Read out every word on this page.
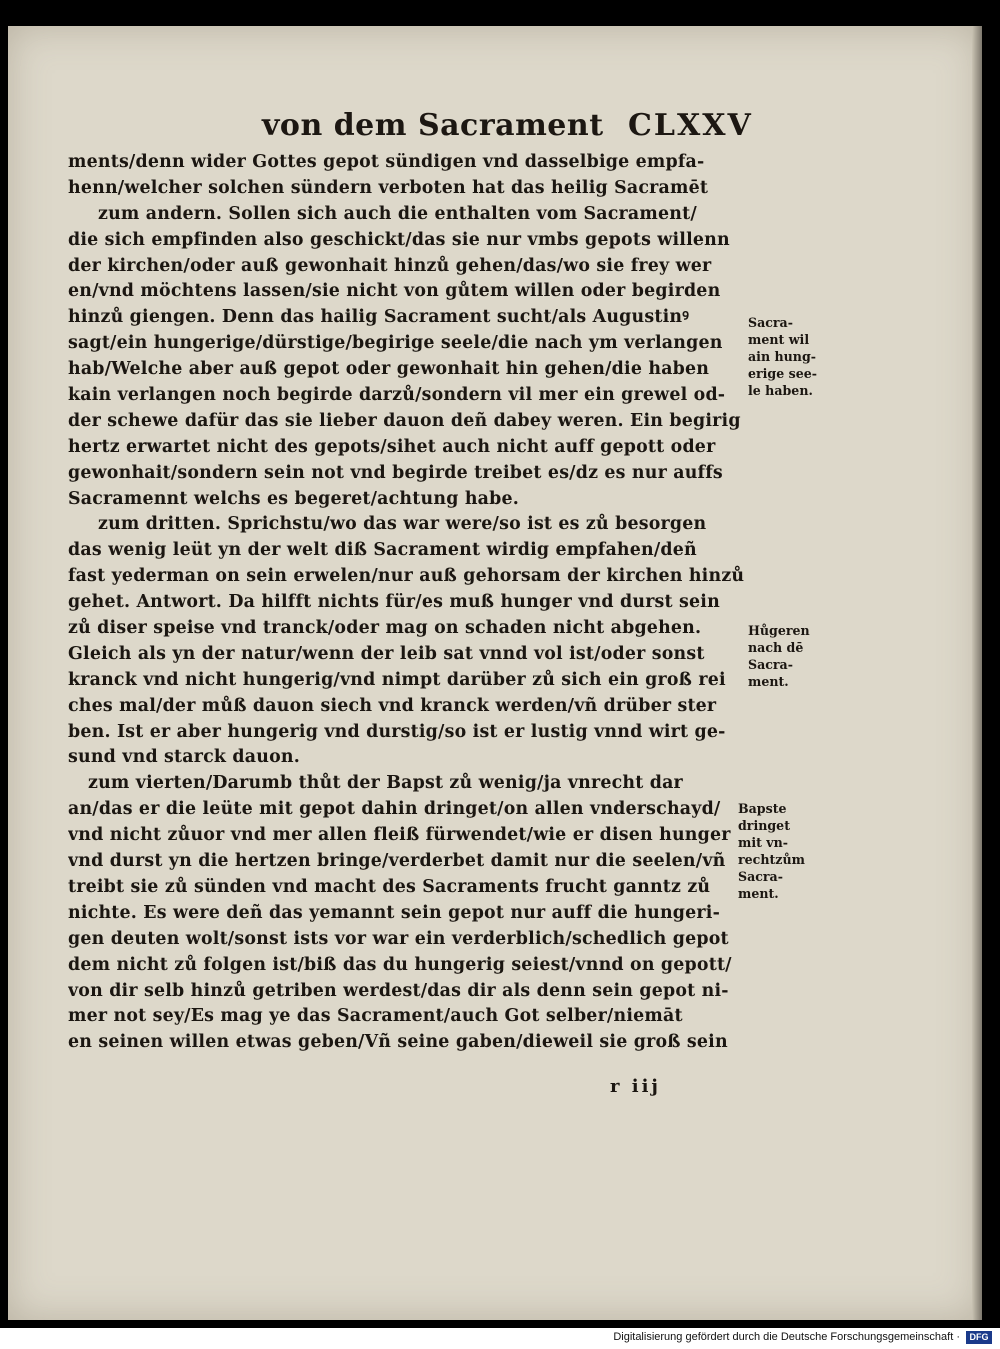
von dem Sacrament CLXXV
ments/denn wider Gottes gepot sündigen vnd dasselbige empfa-
henn/welcher solchen sündern verboten hat das heilig Sacramēt
zum andern. Sollen sich auch die enthalten vom Sacrament/
die sich empfinden also geschickt/das sie nur vmbs gepots willenn
der kirchen/oder auß gewonhait hinzů gehen/das/wo sie frey wer
en/vnd möchtens lassen/sie nicht von gůtem willen oder begirden
hinzů giengen. Denn das hailig Sacrament sucht/als Augustinꝰ
sagt/ein hungerige/dürstige/begirige seele/die nach ym verlangen
hab/Welche aber auß gepot oder gewonhait hin gehen/die haben
kain verlangen noch begirde darzů/sondern vil mer ein grewel od-
der schewe dafür das sie lieber dauon deñ dabey weren. Ein begirig
hertz erwartet nicht des gepots/sihet auch nicht auff gepott oder
gewonhait/sondern sein not vnd begirde treibet es/dz es nur auffs
Sacramennt welchs es begeret/achtung habe.
zum dritten. Sprichstu/wo das war were/so ist es zů besorgen
das wenig leüt yn der welt diß Sacrament wirdig empfahen/deñ
fast yederman on sein erwelen/nur auß gehorsam der kirchen hinzů
gehet. Antwort. Da hilfft nichts für/es muß hunger vnd durst sein
zů diser speise vnd tranck/oder mag on schaden nicht abgehen.
Gleich als yn der natur/wenn der leib sat vnnd vol ist/oder sonst
kranck vnd nicht hungerig/vnd nimpt darüber zů sich ein groß rei
ches mal/der můß dauon siech vnd kranck werden/vñ drüber ster
ben. Ist er aber hungerig vnd durstig/so ist er lustig vnnd wirt ge-
sund vnd starck dauon.
zum vierten/Darumb thůt der Bapst zů wenig/ja vnrecht dar
an/das er die leüte mit gepot dahin dringet/on allen vnderschayd/
vnd nicht zůuor vnd mer allen fleiß fürwendet/wie er disen hunger
vnd durst yn die hertzen bringe/verderbet damit nur die seelen/vñ
treibt sie zů sünden vnd macht des Sacraments frucht ganntz zů
nichte. Es were deñ das yemannt sein gepot nur auff die hungeri-
gen deuten wolt/sonst ists vor war ein verderblich/schedlich gepot
dem nicht zů folgen ist/biß das du hungerig seiest/vnnd on gepott/
von dir selb hinzů getriben werdest/das dir als denn sein gepot ni-
mer not sey/Es mag ye das Sacrament/auch Got selber/niemāt
en seinen willen etwas geben/Vñ seine gaben/dieweil sie groß sein
Sacra-
ment wil
ain hung-
erige see-
le haben.
Hůgeren
nach dē
Sacra-
ment.
Bapste
dringet
mit vn-
rechtzům
Sacra-
ment.
r iij
Digitalisierung gefördert durch die Deutsche Forschungsgemeinschaft ·	DFG
